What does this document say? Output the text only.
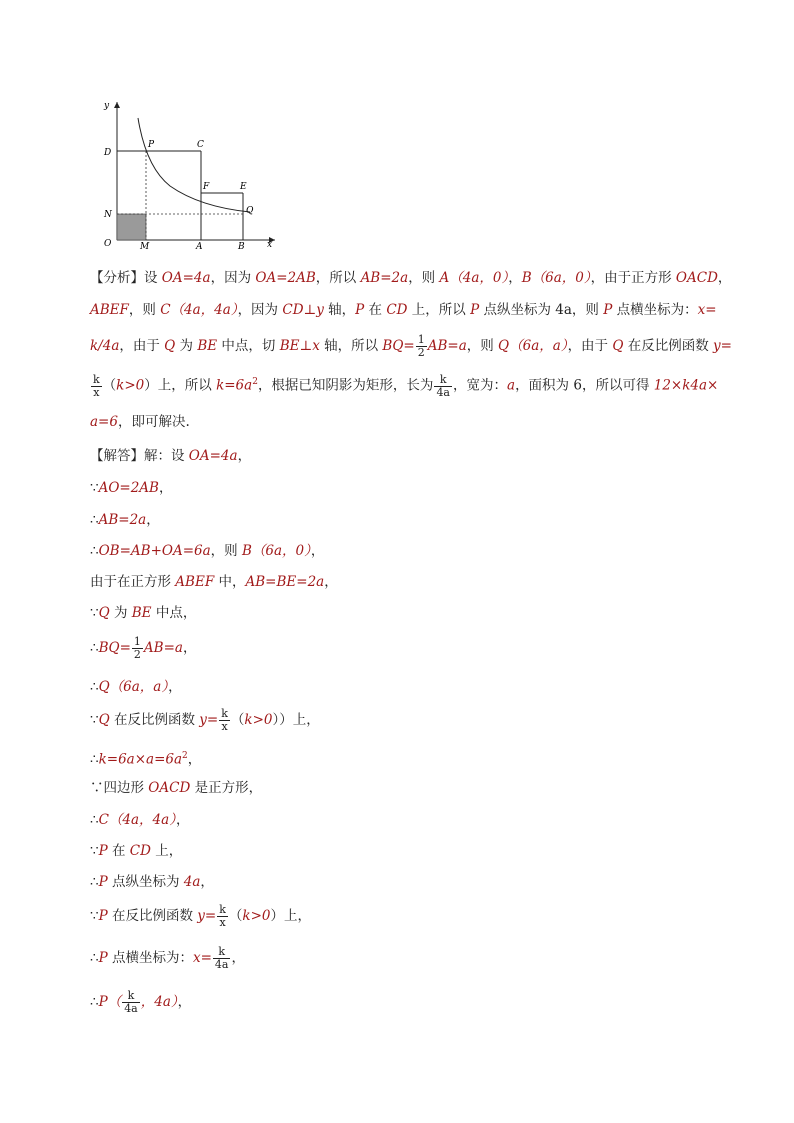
y
x
O	M	A	B
N
D
P	C
F	E
Q
【分析】设 OA=4a，因为 OA=2AB，所以 AB=2a，则 A（4a，0），B（6a，0），由于正方形 OACD，
ABEF，则 C（4a，4a），因为 CD⊥y 轴，P 在 CD 上，所以 P 点纵坐标为 4a，则 P 点横坐标为：x=
k/4a，由于 Q 为 BE 中点，切 BE⊥x 轴，所以 $BQ= \frac{1}{2} AB=a$，则 Q（6a，a），由于 Q 在反比例函数 y=
$\frac{k}{x} (k>0)$上，所以 $k=6a^2$，根据已知阴影为矩形，长为 $\frac{k}{4a}$ ，宽为：a，面积为 6，所以可得 12×k4a×
a=6，即可解决.
【解答】解：设 OA=4a，
∵AO=2AB，
∴AB=2a，
∴OB=AB+OA=6a，则 B（6a，0），
由于在正方形 ABEF 中，AB=BE=2a，
∵Q 为 BE 中点，
∴BQ= $\frac{1}{2} AB=a$，
∴Q（6a，a），
∵Q 在反比例函数 $y= \frac{k}{x} (k>0)$）上，
$\therefore k=6a\times a=6a^2$，
∵四边形 OACD 是正方形，
∴C（4a，4a），
∵P 在 CD 上，
∴P 点纵坐标为 4a，
∵P 在反比例函数 $y= \frac{k}{x} (k>0)$上，
∴P 点横坐标为：$x= \frac{k}{4a}$ ，
∴P（ $\frac{k}{4a}$ ，4a），
